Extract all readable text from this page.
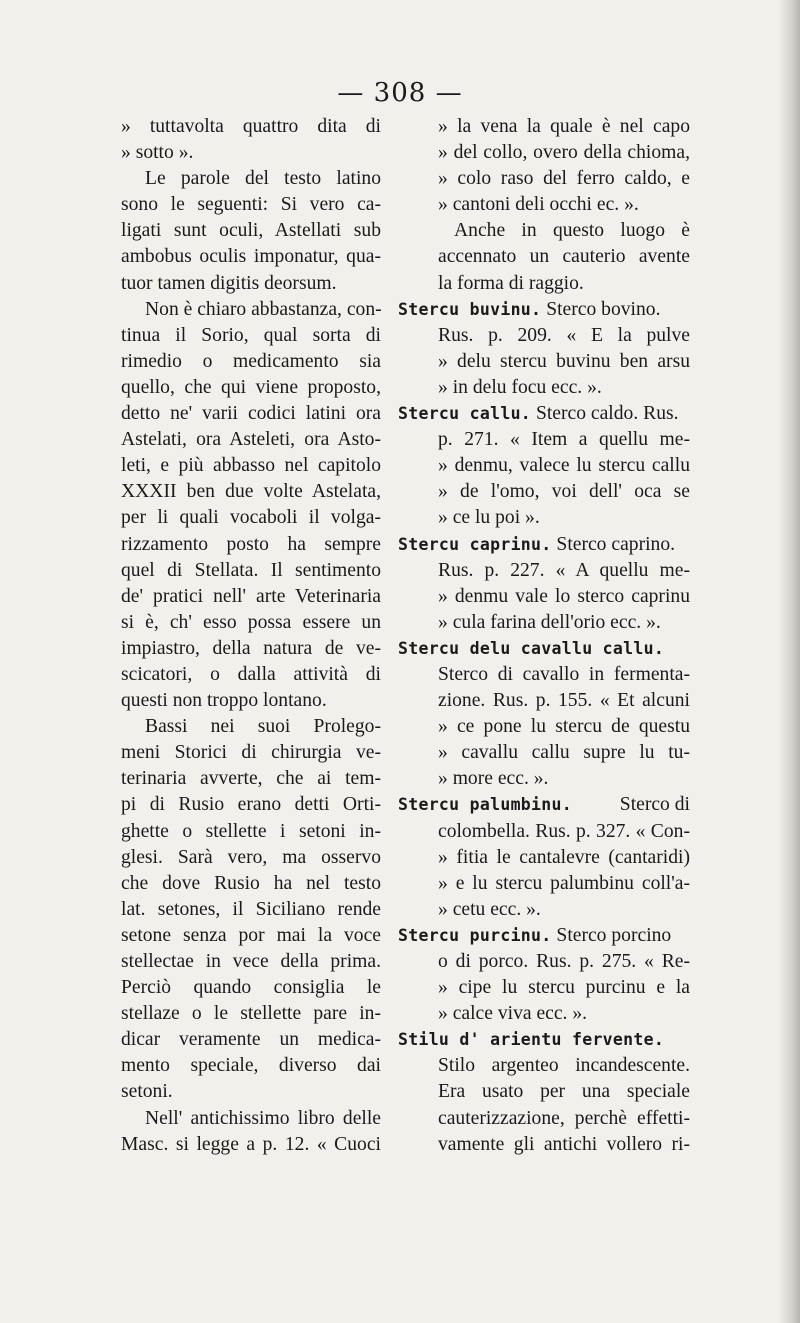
— 308 —
» tuttavolta quattro dita di
» sotto ».
Le parole del testo latino
sono le seguenti: Si vero ca-
ligati sunt oculi, Astellati sub
ambobus oculis imponatur, qua-
tuor tamen digitis deorsum.
Non è chiaro abbastanza, con-
tinua il Sorio, qual sorta di
rimedio o medicamento sia
quello, che qui viene proposto,
detto ne' varii codici latini ora
Astelati, ora Asteleti, ora Asto-
leti, e più abbasso nel capitolo
XXXII ben due volte Astelata,
per li quali vocaboli il volga-
rizzamento posto ha sempre
quel di Stellata. Il sentimento
de' pratici nell' arte Veterinaria
si è, ch' esso possa essere un
impiastro, della natura de ve-
scicatori, o dalla attività di
questi non troppo lontano.
Bassi nei suoi Prolego-
meni Storici di chirurgia ve-
terinaria avverte, che ai tem-
pi di Rusio erano detti Orti-
ghette o stellette i setoni in-
glesi. Sarà vero, ma osservo
che dove Rusio ha nel testo
lat. setones, il Siciliano rende
setone senza por mai la voce
stellectae in vece della prima.
Perciò quando consiglia le
stellaze o le stellette pare in-
dicar veramente un medica-
mento speciale, diverso dai
setoni.
Nell' antichissimo libro delle
Masc. si legge a p. 12. « Cuoci
» la vena la quale è nel capo
» del collo, overo della chioma,
» colo raso del ferro caldo, e
» cantoni deli occhi ec. ».
Anche in questo luogo è
accennato un cauterio avente
la forma di raggio.
Stercu buvinu. Sterco bovino.
Rus. p. 209. « E la pulve
» delu stercu buvinu ben arsu
» in delu focu ecc. ».
Stercu callu. Sterco caldo. Rus.
p. 271. « Item a quellu me-
» denmu, valece lu stercu callu
» de l'omo, voi dell' oca se
» ce lu poi ».
Stercu caprinu. Sterco caprino.
Rus. p. 227. « A quellu me-
» denmu vale lo sterco caprinu
» cula farina dell'orio ecc. ».
Stercu delu cavallu callu.
Sterco di cavallo in fermenta-
zione. Rus. p. 155. « Et alcuni
» ce pone lu stercu de questu
» cavallu callu supre lu tu-
» more ecc. ».
Stercu palumbinu. Sterco di
colombella. Rus. p. 327. « Con-
» fitia le cantalevre (cantaridi)
» e lu stercu palumbinu coll'a-
» cetu ecc. ».
Stercu purcinu. Sterco porcino
o di porco. Rus. p. 275. « Re-
» cipe lu stercu purcinu e la
» calce viva ecc. ».
Stilu d' arientu fervente.
Stilo argenteo incandescente.
Era usato per una speciale
cauterizzazione, perchè effetti-
vamente gli antichi vollero ri-
